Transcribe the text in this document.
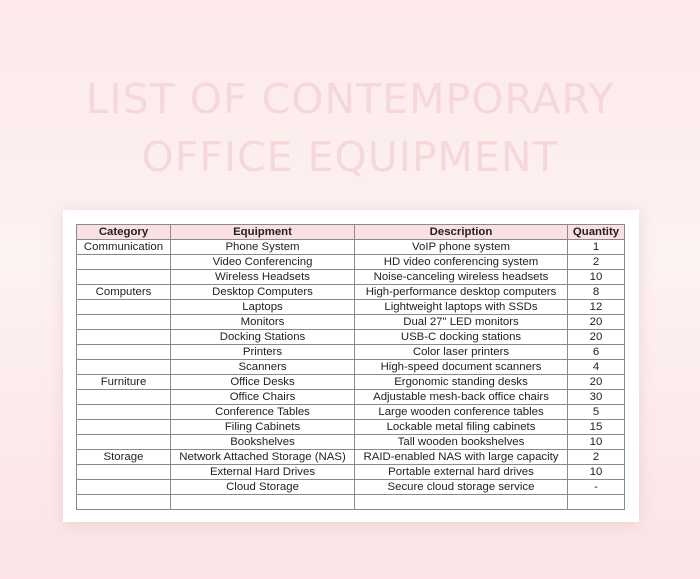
LIST OF CONTEMPORARY
OFFICE EQUIPMENT
Category	Equipment	Description	Quantity
Communication	Phone System	VoIP phone system	1
	Video Conferencing	HD video conferencing system	2
	Wireless Headsets	Noise-canceling wireless headsets	10
Computers	Desktop Computers	High-performance desktop computers	8
	Laptops	Lightweight laptops with SSDs	12
	Monitors	Dual 27" LED monitors	20
	Docking Stations	USB-C docking stations	20
	Printers	Color laser printers	6
	Scanners	High-speed document scanners	4
Furniture	Office Desks	Ergonomic standing desks	20
	Office Chairs	Adjustable mesh-back office chairs	30
	Conference Tables	Large wooden conference tables	5
	Filing Cabinets	Lockable metal filing cabinets	15
	Bookshelves	Tall wooden bookshelves	10
Storage	Network Attached Storage (NAS)	RAID-enabled NAS with large capacity	2
	External Hard Drives	Portable external hard drives	10
	Cloud Storage	Secure cloud storage service	-
